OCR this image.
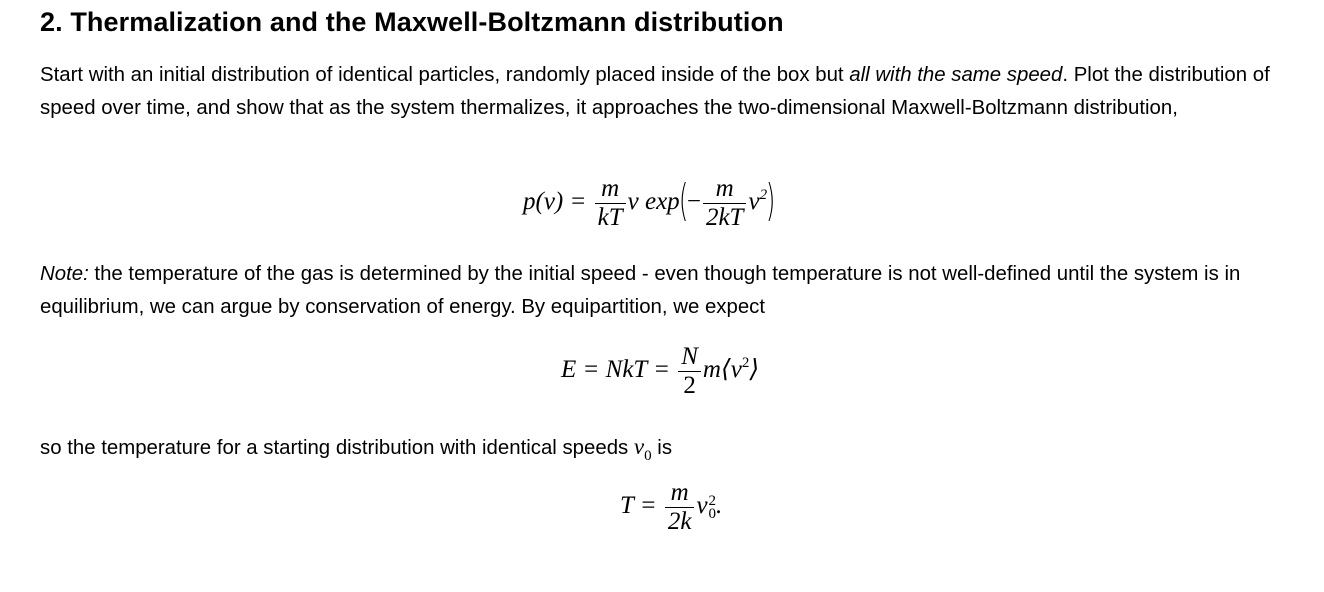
2. Thermalization and the Maxwell-Boltzmann distribution

Start with an initial distribution of identical particles, randomly placed inside of the box but all with the same speed. Plot the distribution of speed over time, and show that as the system thermalizes, it approaches the two-dimensional Maxwell-Boltzmann distribution,

Note: the temperature of the gas is determined by the initial speed - even though temperature is not well-defined until the system is in equilibrium, we can argue by conservation of energy. By equipartition, we expect

so the temperature for a starting distribution with identical speeds $v_0$ is

$p(v) = \frac{m}{kT}$ v $\exp(- \frac{m}{2kT} v^2)$
E = NkT = $\frac{N}{2}$ $m⟨v^2⟩$
$T = \frac{m}{2k}$ v 2
0 .
